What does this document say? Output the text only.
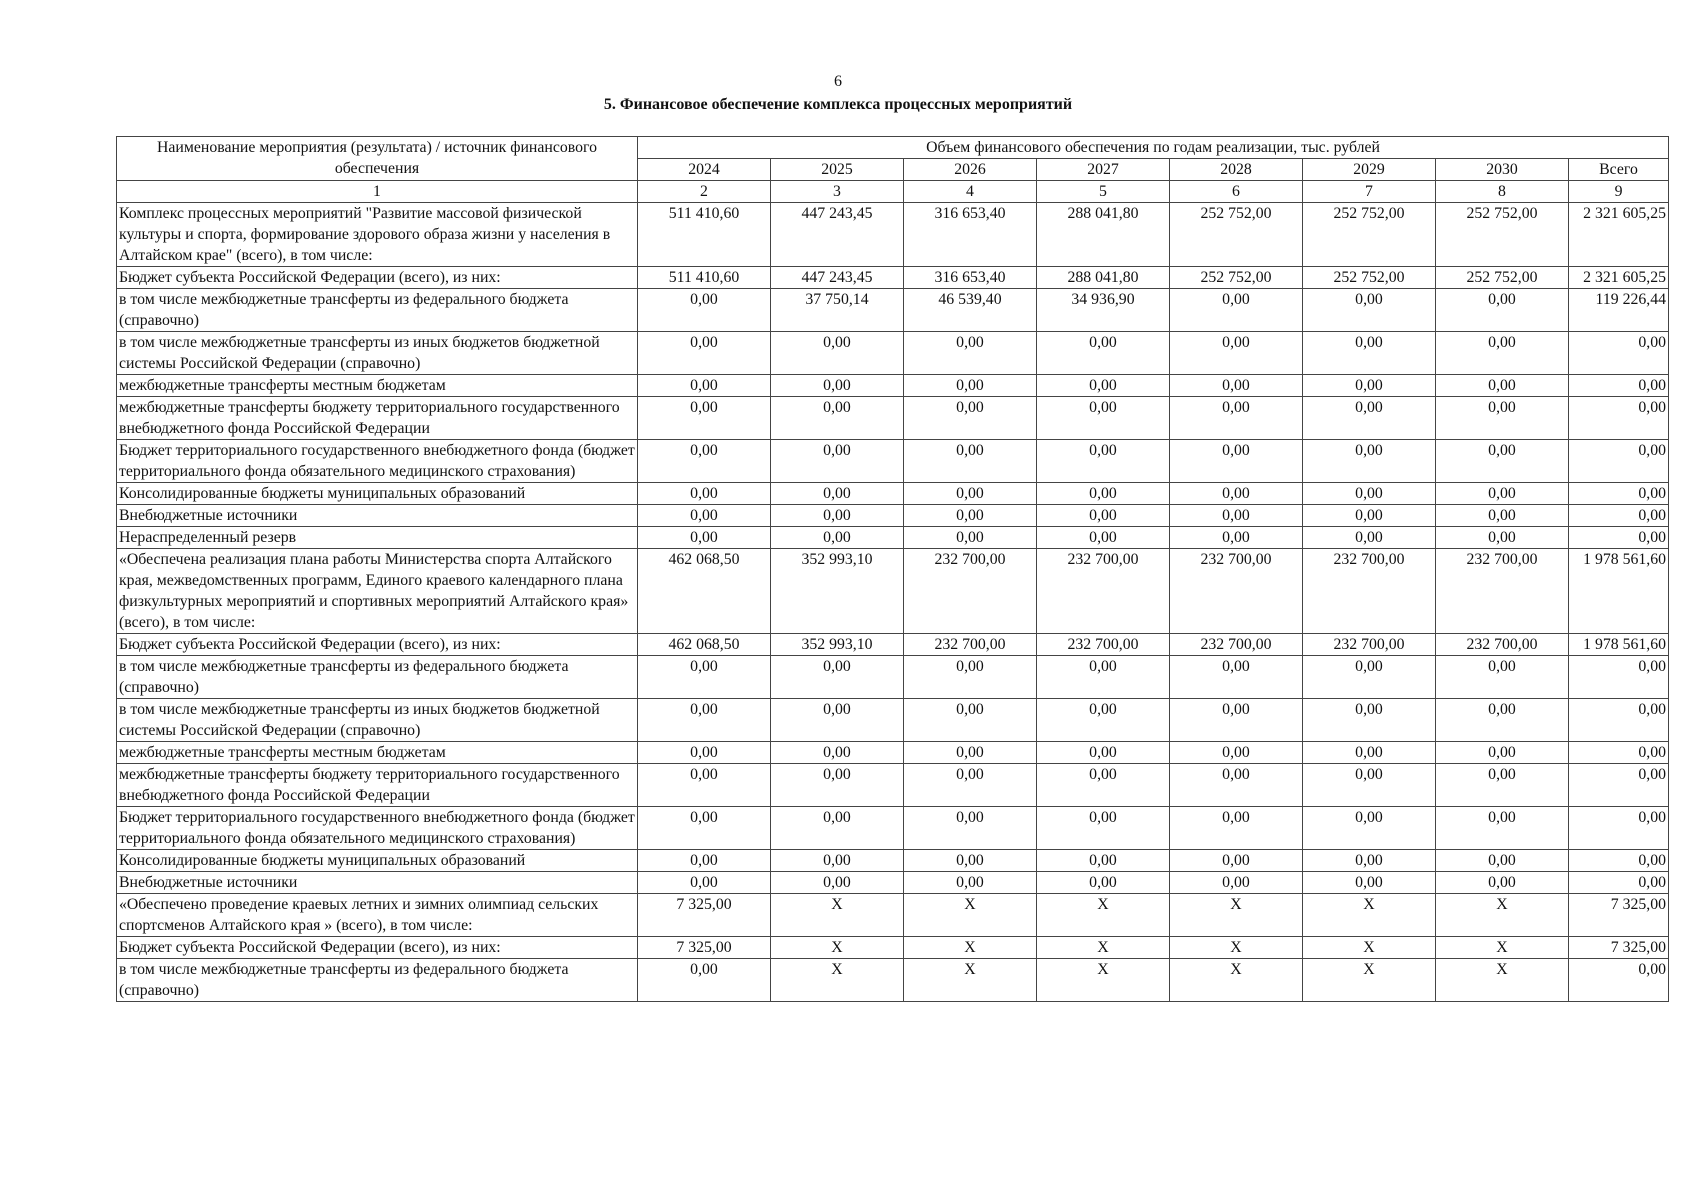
6
5. Финансовое обеспечение комплекса процессных мероприятий
Наименование мероприятия (результата) / источник финансового обеспечения	Объем финансового обеспечения по годам реализации, тыс. рублей							
	2024	2025	2026	2027	2028	2029	2030	Всего
1	2	3	4	5	6	7	8	9
Комплекс процессных мероприятий "Развитие массовой физической культуры и спорта, формирование здорового образа жизни у населения в Алтайском крае" (всего), в том числе:	511 410,60	447 243,45	316 653,40	288 041,80	252 752,00	252 752,00	252 752,00	2 321 605,25
Бюджет субъекта Российской Федерации (всего), из них:	511 410,60	447 243,45	316 653,40	288 041,80	252 752,00	252 752,00	252 752,00	2 321 605,25
в том числе межбюджетные трансферты из федерального бюджета (справочно)	0,00	37 750,14	46 539,40	34 936,90	0,00	0,00	0,00	119 226,44
в том числе межбюджетные трансферты из иных бюджетов бюджетной системы Российской Федерации (справочно)	0,00	0,00	0,00	0,00	0,00	0,00	0,00	0,00
межбюджетные трансферты местным бюджетам	0,00	0,00	0,00	0,00	0,00	0,00	0,00	0,00
межбюджетные трансферты бюджету территориального государственного внебюджетного фонда Российской Федерации	0,00	0,00	0,00	0,00	0,00	0,00	0,00	0,00
Бюджет территориального государственного внебюджетного фонда (бюджет территориального фонда обязательного медицинского страхования)	0,00	0,00	0,00	0,00	0,00	0,00	0,00	0,00
Консолидированные бюджеты муниципальных образований	0,00	0,00	0,00	0,00	0,00	0,00	0,00	0,00
Внебюджетные источники	0,00	0,00	0,00	0,00	0,00	0,00	0,00	0,00
Нераспределенный резерв	0,00	0,00	0,00	0,00	0,00	0,00	0,00	0,00
«Обеспечена реализация плана работы Министерства спорта Алтайского края, межведомственных программ, Единого краевого календарного плана физкультурных мероприятий и спортивных мероприятий Алтайского края» (всего), в том числе:	462 068,50	352 993,10	232 700,00	232 700,00	232 700,00	232 700,00	232 700,00	1 978 561,60
Бюджет субъекта Российской Федерации (всего), из них:	462 068,50	352 993,10	232 700,00	232 700,00	232 700,00	232 700,00	232 700,00	1 978 561,60
в том числе межбюджетные трансферты из федерального бюджета (справочно)	0,00	0,00	0,00	0,00	0,00	0,00	0,00	0,00
в том числе межбюджетные трансферты из иных бюджетов бюджетной системы Российской Федерации (справочно)	0,00	0,00	0,00	0,00	0,00	0,00	0,00	0,00
межбюджетные трансферты местным бюджетам	0,00	0,00	0,00	0,00	0,00	0,00	0,00	0,00
межбюджетные трансферты бюджету территориального государственного внебюджетного фонда Российской Федерации	0,00	0,00	0,00	0,00	0,00	0,00	0,00	0,00
Бюджет территориального государственного внебюджетного фонда (бюджет территориального фонда обязательного медицинского страхования)	0,00	0,00	0,00	0,00	0,00	0,00	0,00	0,00
Консолидированные бюджеты муниципальных образований	0,00	0,00	0,00	0,00	0,00	0,00	0,00	0,00
Внебюджетные источники	0,00	0,00	0,00	0,00	0,00	0,00	0,00	0,00
«Обеспечено проведение краевых летних и зимних олимпиад сельских спортсменов Алтайского края » (всего), в том числе:	7 325,00	Х	Х	Х	Х	Х	Х	7 325,00
Бюджет субъекта Российской Федерации (всего), из них:	7 325,00	Х	Х	Х	Х	Х	Х	7 325,00
в том числе межбюджетные трансферты из федерального бюджета (справочно)	0,00	Х	Х	Х	Х	Х	Х	0,00
